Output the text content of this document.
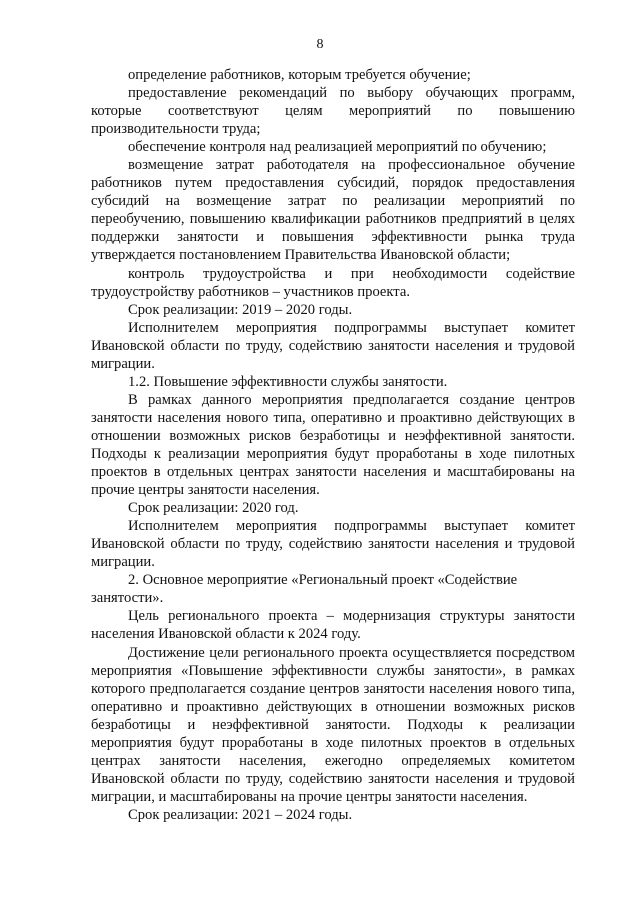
8

определение работников, которым требуется обучение;

предоставление рекомендаций по выбору обучающих программ, которые соответствуют целям мероприятий по повышению производительности труда;

обеспечение контроля над реализацией мероприятий по обучению;

возмещение затрат работодателя на профессиональное обучение работников путем предоставления субсидий, порядок предоставления субсидий на возмещение затрат по реализации мероприятий по переобучению, повышению квалификации работников предприятий в целях поддержки занятости и повышения эффективности рынка труда утверждается постановлением Правительства Ивановской области;

контроль трудоустройства и при необходимости содействие трудоустройству работников – участников проекта.

Срок реализации: 2019 – 2020 годы.

Исполнителем мероприятия подпрограммы выступает комитет Ивановской области по труду, содействию занятости населения и трудовой миграции.

1.2. Повышение эффективности службы занятости.

В рамках данного мероприятия предполагается создание центров занятости населения нового типа, оперативно и проактивно действующих в отношении возможных рисков безработицы и неэффективной занятости. Подходы к реализации мероприятия будут проработаны в ходе пилотных проектов в отдельных центрах занятости населения и масштабированы на прочие центры занятости населения.

Срок реализации: 2020 год.

Исполнителем мероприятия подпрограммы выступает комитет Ивановской области по труду, содействию занятости населения и трудовой миграции.

2. Основное мероприятие «Региональный проект «Содействие занятости».

Цель регионального проекта – модернизация структуры занятости населения Ивановской области к 2024 году.

Достижение цели регионального проекта осуществляется посредством мероприятия «Повышение эффективности службы занятости», в рамках которого предполагается создание центров занятости населения нового типа, оперативно и проактивно действующих в отношении возможных рисков безработицы и неэффективной занятости. Подходы к реализации мероприятия будут проработаны в ходе пилотных проектов в отдельных центрах занятости населения, ежегодно определяемых комитетом Ивановской области по труду, содействию занятости населения и трудовой миграции, и масштабированы на прочие центры занятости населения.

Срок реализации: 2021 – 2024 годы.
